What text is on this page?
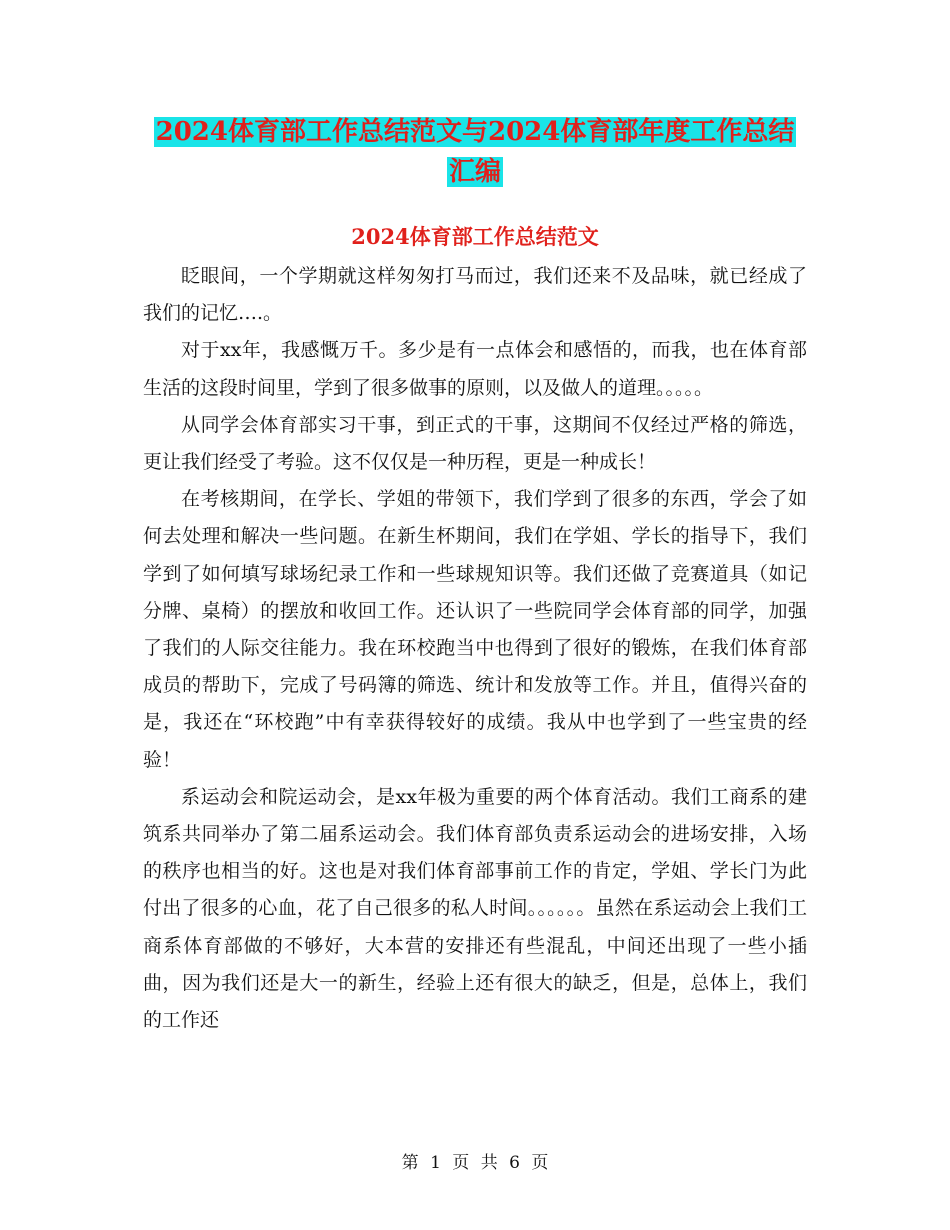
2024体育部工作总结范文与2024体育部年度工作总结
汇编
2024体育部工作总结范文

眨眼间，一个学期就这样匆匆打马而过，我们还来不及品味，就已经成了我们的记忆….。

对于xx年，我感慨万千。多少是有一点体会和感悟的，而我，也在体育部生活的这段时间里，学到了很多做事的原则，以及做人的道理。。。。。

从同学会体育部实习干事，到正式的干事，这期间不仅经过严格的筛选，更让我们经受了考验。这不仅仅是一种历程，更是一种成长！

在考核期间，在学长、学姐的带领下，我们学到了很多的东西，学会了如何去处理和解决一些问题。在新生杯期间，我们在学姐、学长的指导下，我们学到了如何填写球场纪录工作和一些球规知识等。我们还做了竞赛道具（如记分牌、桌椅）的摆放和收回工作。还认识了一些院同学会体育部的同学，加强了我们的人际交往能力。我在环校跑当中也得到了很好的锻炼，在我们体育部成员的帮助下，完成了号码簿的筛选、统计和发放等工作。并且，值得兴奋的是，我还在“环校跑”中有幸获得较好的成绩。我从中也学到了一些宝贵的经验！

系运动会和院运动会，是xx年极为重要的两个体育活动。我们工商系的建筑系共同举办了第二届系运动会。我们体育部负责系运动会的进场安排，入场的秩序也相当的好。这也是对我们体育部事前工作的肯定，学姐、学长门为此付出了很多的心血，花了自己很多的私人时间。。。。。。虽然在系运动会上我们工商系体育部做的不够好，大本营的安排还有些混乱，中间还出现了一些小插曲，因为我们还是大一的新生，经验上还有很大的缺乏，但是，总体上，我们的工作还

第 1 页 共 6 页
